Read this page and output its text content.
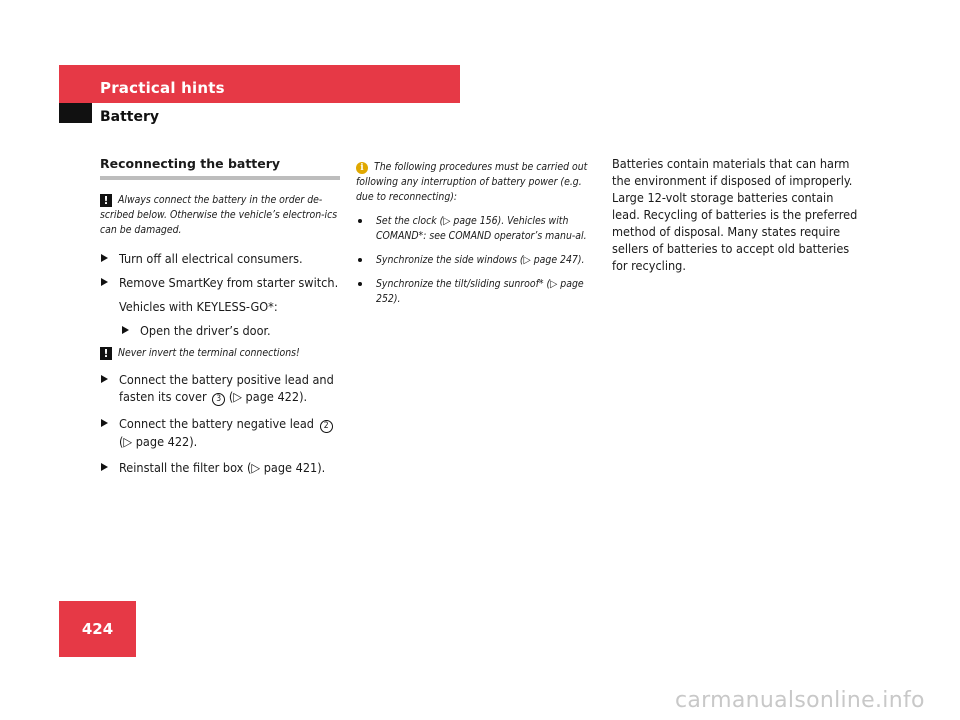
Practical hints
Battery
Reconnecting the battery
! Always connect the battery in the order de-scribed below. Otherwise the vehicle’s electron-ics can be damaged.
Turn off all electrical consumers.
Remove SmartKey from starter switch.
Vehicles with KEYLESS-GO*:
Open the driver’s door.
! Never invert the terminal connections!
Connect the battery positive lead and fasten its cover 3 (▷ page 422).
Connect the battery negative lead 2
(▷ page 422).
Reinstall the filter box (▷ page 421).
i The following procedures must be carried out following any interruption of battery power (e.g. due to reconnecting):
Set the clock (▷ page 156). Vehicles with COMAND*: see COMAND operator’s manu-al.
Synchronize the side windows (▷ page 247).
Synchronize the tilt/sliding sunroof* (▷ page 252).
Batteries contain materials that can harm the environment if disposed of improperly. Large 12-volt storage batteries contain lead. Recycling of batteries is the preferred method of disposal. Many states require sellers of batteries to accept old batteries for recycling.
424
carmanualsonline.info
